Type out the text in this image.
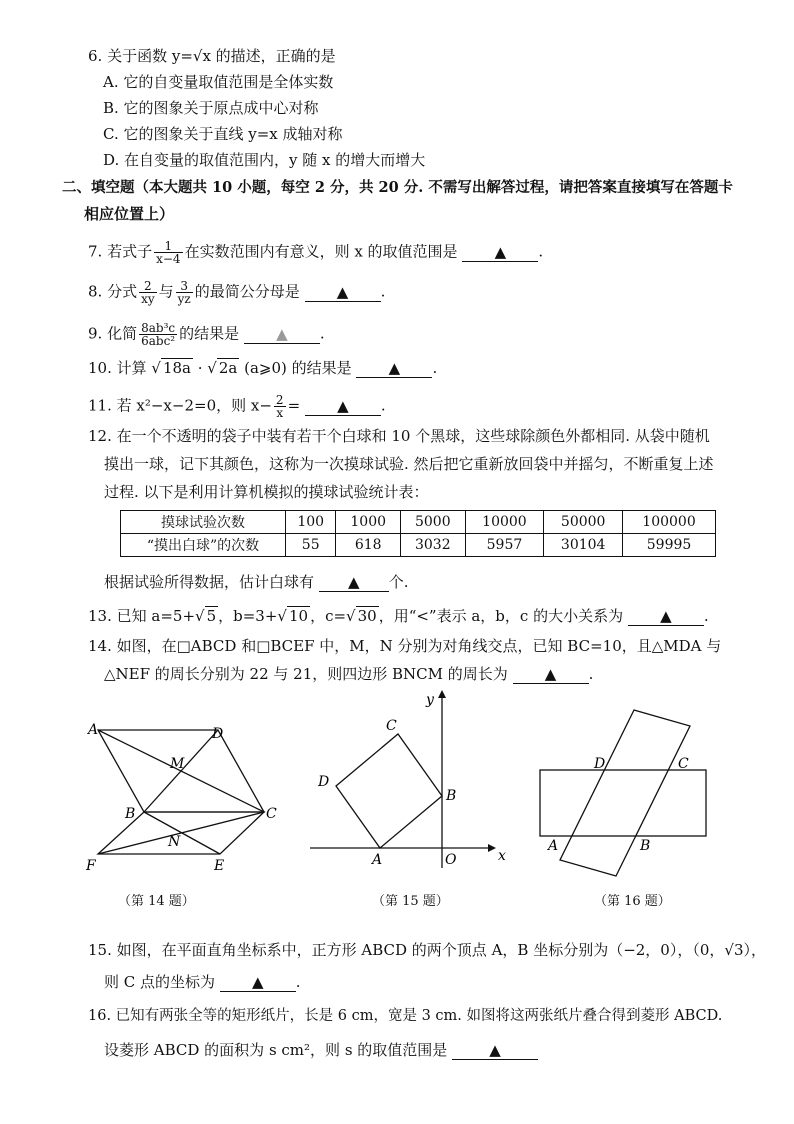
6. 关于函数 y=√x 的描述，正确的是
A. 它的自变量取值范围是全体实数
B. 它的图象关于原点成中心对称
C. 它的图象关于直线 y=x 成轴对称
D. 在自变量的取值范围内，y 随 x 的增大而增大
二、填空题（本大题共 10 小题，每空 2 分，共 20 分. 不需写出解答过程，请把答案直接填写在答题卡
相应位置上）
7. 若式子 $\frac{1}{x-4}$ 在实数范围内有意义，则 x 的取值范围是 ▲ .
8. 分式 $\frac{2}{xy}$ 与 $\frac{3}{yz}$ 的最简公分母是 ▲ .
9. 化简 $\frac{\text{8ab³c}}{\text{6abc²}}$ 的结果是 ▲ .
10. 计算 √ 18a · √ 2a (a⩾0) 的结果是 ▲ .
11. 若 x²−x−2=0，则 $x- \frac{2}{x}$ = ▲ .
12. 在一个不透明的袋子中装有若干个白球和 10 个黑球，这些球除颜色外都相同. 从袋中随机
摸出一球，记下其颜色，这称为一次摸球试验. 然后把它重新放回袋中并摇匀，不断重复上述
过程. 以下是利用计算机模拟的摸球试验统计表：
摸球试验次数	100	1000	5000	10000	50000	100000
“摸出白球”的次数	55	618	3032	5957	30104	59995
根据试验所得数据，估计白球有 ▲ 个.
13. 已知 a=5+√ 5 ，b=3+√ 10 ，c=√ 30 ，用“<”表示 a，b，c 的大小关系为 ▲ .
14. 如图，在□ABCD 和□BCEF 中，M，N 分别为对角线交点，已知 BC=10，且△MDA 与
△NEF 的周长分别为 22 与 21，则四边形 BNCM 的周长为 ▲ .
A	D
M
B	C
N
F	E
（第 14 题）
x
y
C
D
B
A	O
（第 15 题）
D	C
A	B
（第 16 题）
15. 如图，在平面直角坐标系中，正方形 ABCD 的两个顶点 A，B 坐标分别为（−2，0），（0，√3），
则 C 点的坐标为 ▲ .
16. 已知有两张全等的矩形纸片，长是 6 cm，宽是 3 cm. 如图将这两张纸片叠合得到菱形 ABCD.
设菱形 ABCD 的面积为 s cm²，则 s 的取值范围是	▲
